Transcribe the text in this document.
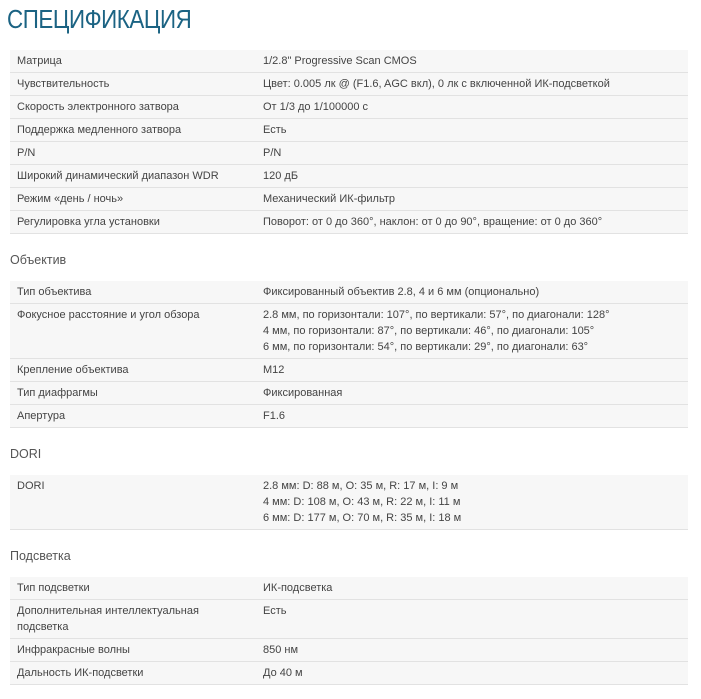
СПЕЦИФИКАЦИЯ
Матрица	1/2.8" Progressive Scan CMOS

Чувствительность	Цвет: 0.005 лк @ (F1.6, AGC вкл), 0 лк с включенной ИК-подсветкой

Скорость электронного затвора	От 1/3 до 1/100000 с

Поддержка медленного затвора	Есть

P/N	P/N

Широкий динамический диапазон WDR	120 дБ

Режим «день / ночь»	Механический ИК-фильтр

Регулировка угла установки	Поворот: от 0 до 360°, наклон: от 0 до 90°, вращение: от 0 до 360°
Объектив
Тип объектива	Фиксированный объектив 2.8, 4 и 6 мм (опционально)

Фокусное расстояние и угол обзора	2.8 мм, по горизонтали: 107°, по вертикали: 57°, по диагонали: 128°
4 мм, по горизонтали: 87°, по вертикали: 46°, по диагонали: 105°
6 мм, по горизонтали: 54°, по вертикали: 29°, по диагонали: 63°

Крепление объектива	M12

Тип диафрагмы	Фиксированная

Апертура	F1.6
DORI
DORI	2.8 мм: D: 88 м, O: 35 м, R: 17 м, I: 9 м
4 мм: D: 108 м, O: 43 м, R: 22 м, I: 11 м
6 мм: D: 177 м, O: 70 м, R: 35 м, I: 18 м
Подсветка
Тип подсветки	ИК-подсветка

Дополнительная интеллектуальная подсветка	Есть

Инфракрасные волны	850 нм

Дальность ИК-подсветки	До 40 м
